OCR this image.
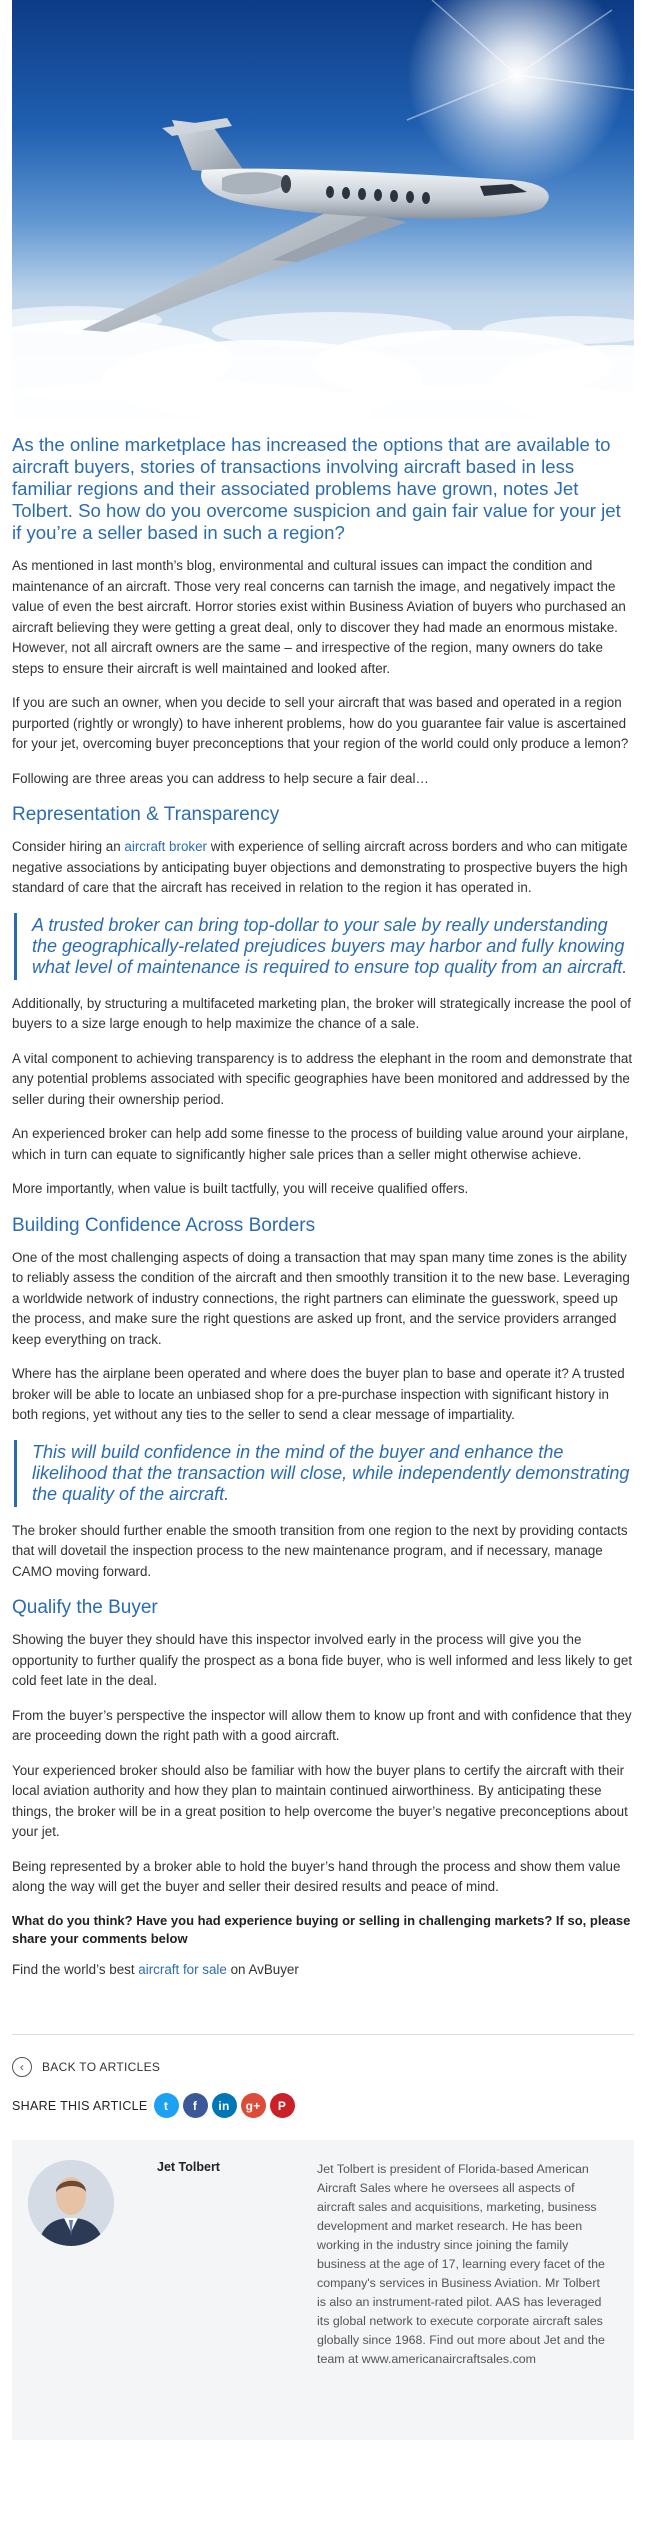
As the online marketplace has increased the options that are available to aircraft buyers, stories of transactions involving aircraft based in less familiar regions and their associated problems have grown, notes Jet Tolbert. So how do you overcome suspicion and gain fair value for your jet if you’re a seller based in such a region?

As mentioned in last month’s blog, environmental and cultural issues can impact the condition and maintenance of an aircraft. Those very real concerns can tarnish the image, and negatively impact the value of even the best aircraft. Horror stories exist within Business Aviation of buyers who purchased an aircraft believing they were getting a great deal, only to discover they had made an enormous mistake. However, not all aircraft owners are the same – and irrespective of the region, many owners do take steps to ensure their aircraft is well maintained and looked after.

If you are such an owner, when you decide to sell your aircraft that was based and operated in a region purported (rightly or wrongly) to have inherent problems, how do you guarantee fair value is ascertained for your jet, overcoming buyer preconceptions that your region of the world could only produce a lemon?

Following are three areas you can address to help secure a fair deal…

Representation & Transparency

Consider hiring an aircraft broker with experience of selling aircraft across borders and who can mitigate negative associations by anticipating buyer objections and demonstrating to prospective buyers the high standard of care that the aircraft has received in relation to the region it has operated in.

A trusted broker can bring top-dollar to your sale by really understanding the geographically-related prejudices buyers may harbor and fully knowing what level of maintenance is required to ensure top quality from an aircraft.

Additionally, by structuring a multifaceted marketing plan, the broker will strategically increase the pool of buyers to a size large enough to help maximize the chance of a sale.

A vital component to achieving transparency is to address the elephant in the room and demonstrate that any potential problems associated with specific geographies have been monitored and addressed by the seller during their ownership period.

An experienced broker can help add some finesse to the process of building value around your airplane, which in turn can equate to significantly higher sale prices than a seller might otherwise achieve.

More importantly, when value is built tactfully, you will receive qualified offers.

Building Confidence Across Borders

One of the most challenging aspects of doing a transaction that may span many time zones is the ability to reliably assess the condition of the aircraft and then smoothly transition it to the new base. Leveraging a worldwide network of industry connections, the right partners can eliminate the guesswork, speed up the process, and make sure the right questions are asked up front, and the service providers arranged keep everything on track.

Where has the airplane been operated and where does the buyer plan to base and operate it? A trusted broker will be able to locate an unbiased shop for a pre-purchase inspection with significant history in both regions, yet without any ties to the seller to send a clear message of impartiality.

This will build confidence in the mind of the buyer and enhance the likelihood that the transaction will close, while independently demonstrating the quality of the aircraft.

The broker should further enable the smooth transition from one region to the next by providing contacts that will dovetail the inspection process to the new maintenance program, and if necessary, manage CAMO moving forward.

Qualify the Buyer

Showing the buyer they should have this inspector involved early in the process will give you the opportunity to further qualify the prospect as a bona fide buyer, who is well informed and less likely to get cold feet late in the deal.

From the buyer’s perspective the inspector will allow them to know up front and with confidence that they are proceeding down the right path with a good aircraft.

Your experienced broker should also be familiar with how the buyer plans to certify the aircraft with their local aviation authority and how they plan to maintain continued airworthiness. By anticipating these things, the broker will be in a great position to help overcome the buyer’s negative preconceptions about your jet.

Being represented by a broker able to hold the buyer’s hand through the process and show them value along the way will get the buyer and seller their desired results and peace of mind.

What do you think? Have you had experience buying or selling in challenging markets? If so, please share your comments below

Find the world’s best aircraft for sale on AvBuyer

‹	BACK TO ARTICLES
SHARE THIS ARTICLE	t	f	in	g+	P
Jet Tolbert	Jet Tolbert is president of Florida-based American Aircraft Sales where he oversees all aspects of aircraft sales and acquisitions, marketing, business development and market research. He has been working in the industry since joining the family business at the age of 17, learning every facet of the company's services in Business Aviation. Mr Tolbert is also an instrument-rated pilot. AAS has leveraged its global network to execute corporate aircraft sales globally since 1968. Find out more about Jet and the team at www.americanaircraftsales.com
